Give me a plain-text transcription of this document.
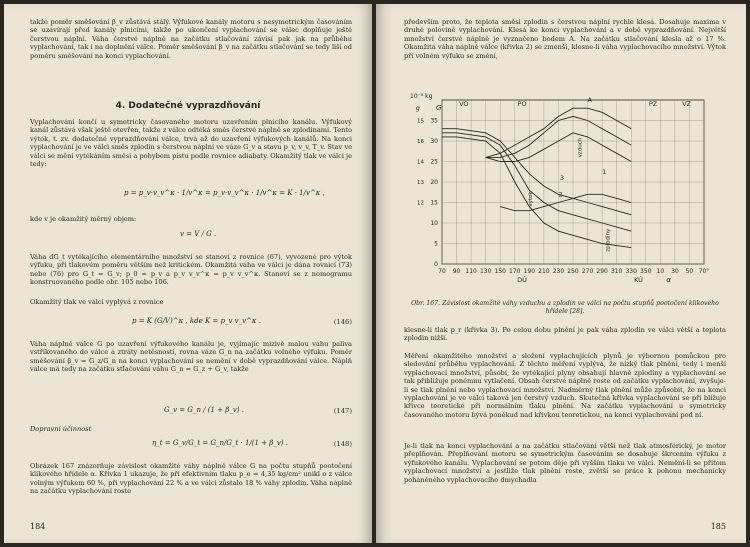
takže poměr směšování β_v zůstává stálý. Výfukové kanály motoru s nesymetrickým časováním se uzavírají před kanály plnicími, takže po ukončení vyplachování se válec doplňuje ještě čerstvou náplní. Váha čerstvé náplně na začátku stlačování závisí pak jak na průběhu vyplachování, tak i na doplnění válce. Poměr směšování β_v na začátku stlačování se tedy liší od poměru směšování na konci vyplachování.

4. Dodatečné vyprazdňování

Vyplachování končí u symetricky časovaného motoru uzavřením plnicího kanálu. Výfukový kanál zůstává však ještě otevřen, takže z válce odtéká směs čerstvé náplně se zplodinami. Tento výtok, t. zv. dodatečné vyprazdňování válce, trvá až do uzavření výfukových kanálů. Na konci vyplachování je ve válci směs zplodin s čerstvou náplní ve váze G_v a stavu p_v, v_v, T_v. Stav ve válci se mění vytékáním směsi a pohybem pístu podle rovnice adiabaty. Okamžitý tlak ve válci je tedy:

p = p_v·v_v^κ · 1/v^κ = p_v·v_v^κ · 1/v^κ = K · 1/v^κ ,

kde v je okamžitý měrný objem:

v = V / G .

Váha dG_t vytékajícího elementárního množství se stanoví z rovnice (67), vyvozené pro výtok výfuku, při tlakovém poměru větším než kritickém. Okamžitá váha ve válci je dána rovnicí (73) nebo (76) pro G_t = G_v; p_0 = p_v a p_v v_v^κ = p_v v_v^κ. Stanoví se z nomogramu konstruovaného podle obr. 105 nebo 106.

Okamžitý tlak ve válci vyplývá z rovnice

p = K (G/V)^κ , kde K = p_v v_v^κ .	(146)

Váha náplně válce G po uzavření výfukového kanálu je, vyjímajíc mizivě malou váhu paliva vstřikovaného do válce a ztráty netěsností, rovna váze G_n na začátku volného výfuku. Poměr směšování β_v = G_z/G_n na konci vyplachování se nemění v době vyprazdňování válce. Náplň válce má tedy na začátku stlačování váhu G_n = G_z + G_v, takže

G_v = G_n / (1 + β_v) .	(147)

Dopravní účinnost

η_t = G_v/G_t = G_n/G_t · 1/(1 + β_v) .	(148)

Obrázek 167 znázorňuje závislost okamžité váhy náplně válce G na počtu stupňů pootočení klikového hřídele α. Křivka 1 ukazuje, že při efektivním tlaku p_e = 4,35 kg/cm² unikl o z válce volným výfukem 60 %, při vyplachování 22 % a ve válci zůstalo 18 % váhy zplodin. Váha náplně na začátku vyplachování roste

184

především proto, že teplota směsi zplodin s čerstvou náplní rychle klesá. Dosahuje maxima v druhé polovině vyplachování. Klesá ke konci vyplachování a v době vyprazdňování. Největší množství čerstvé náplně je vyznačeno bodem A. Na začátku stlačování klesla až o 17 %. Okamžitá váha náplně válce (křivka 2) se zmenší, klesne-li váha vyplachovacího množství. Výtok při volném výfuku se změní,

70 90 110 130 150 170 190 210 230 250 270 290 310 330 350 10 30 50 70°
0
5
10
15
20
25
30
35
15
16
14
13
12
10⁻⁸ kg
G
g
α
VO	PO	PZ	VZ
DÚ	KÚ
výtok
zplodiny
vzduch
A
1
2
3

Obr. 167. Závislost okamžité váhy vzduchu a zplodin ve válci na počtu stupňů pootočení klikového hřídele [28].

klesne-li tlak p_r (křivka 3). Po celou dobu plnění je pak váha zplodin ve válci větší a teplota zplodin nižší.

Měření okamžitého množství a složení vyplachujících plynů je výbornou pomůckou pro sledování průběhu vyplachování. Z těchto měření vyplývá, že nízký tlak plnění, tedy i menší vyplachovací množství, působí, že vytékající plyny obsahují hlavně zplodiny a vyplachování se tak přibližuje ponémnu vytlačení. Obsah čerstvé náplně roste od začátku vyplachování, zvyšuje-li se tlak plnění nebo vyplachovací množství. Nadměrný tlak plnění může způsobit, že na konci vyplachování je ve válci taková jen čerstvý vzduch. Skutečná křivka vyplachování se při blížuje křivce teoretické při normálním tlaku plnění. Na začátku vyplachování u symetricky časovaného motoru bývá poněkud nad křivkou teoretickou, na konci vyplachování pod ní.

Je-li tlak na konci vyplachování a na začátku stlačování větší než tlak atmosférický, je motor přeplňován. Přeplňování motoru se symetrickým časováním se dosahuje škrcením výfuku z výfukového kanálu. Vyplachování se potom děje při vyšším tlaku ve válci. Nemění-li se přitom vyplachovací množství a jestliže tlak plnění roste, zvětší se práce k pohonu mechanicky poháněného vyplachovacího dmychadla

185
